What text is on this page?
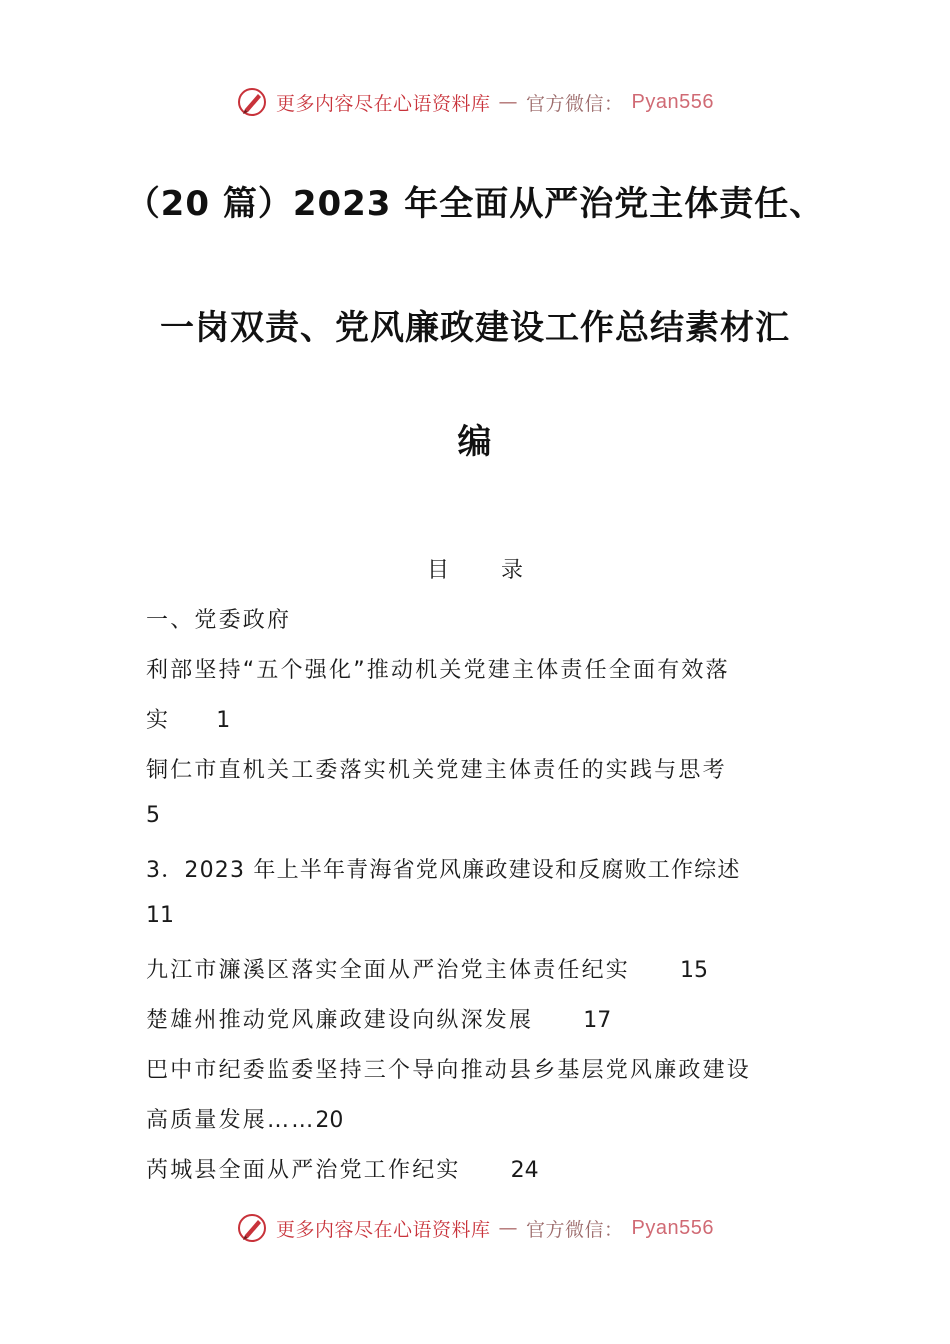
更多内容尽在心语资料库 — 官方微信： Pyan556
（20 篇）2023 年全面从严治党主体责任、
一岗双责、党风廉政建设工作总结素材汇
编
目 录
一、党委政府
利部坚持“五个强化”推动机关党建主体责任全面有效落
实 1
铜仁市直机关工委落实机关党建主体责任的实践与思考
5
3．2023 年上半年青海省党风廉政建设和反腐败工作综述
11
九江市濂溪区落实全面从严治党主体责任纪实 15
楚雄州推动党风廉政建设向纵深发展 17
巴中市纪委监委坚持三个导向推动县乡基层党风廉政建设
高质量发展……20
芮城县全面从严治党工作纪实 24
更多内容尽在心语资料库 — 官方微信： Pyan556
